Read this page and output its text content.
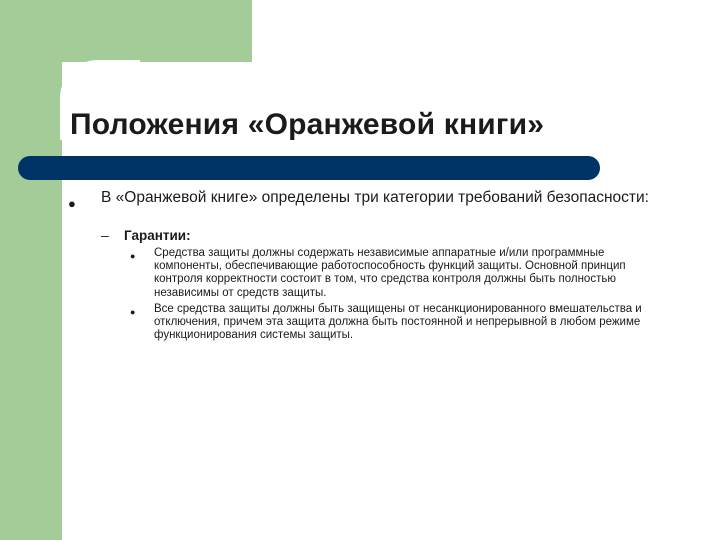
Положения «Оранжевой книги»
● В «Оранжевой книге» определены три категории требований безопасности:
– Гарантии:
● Средства защиты должны содержать независимые аппаратные и/или программные компоненты, обеспечивающие работоспособность функций защиты. Основной принцип контроля корректности состоит в том, что средства контроля должны быть полностью независимы от средств защиты.
● Все средства защиты должны быть защищены от несанкционированного вмешательства и отключения, причем эта защита должна быть постоянной и непрерывной в любом режиме функционирования системы защиты.
